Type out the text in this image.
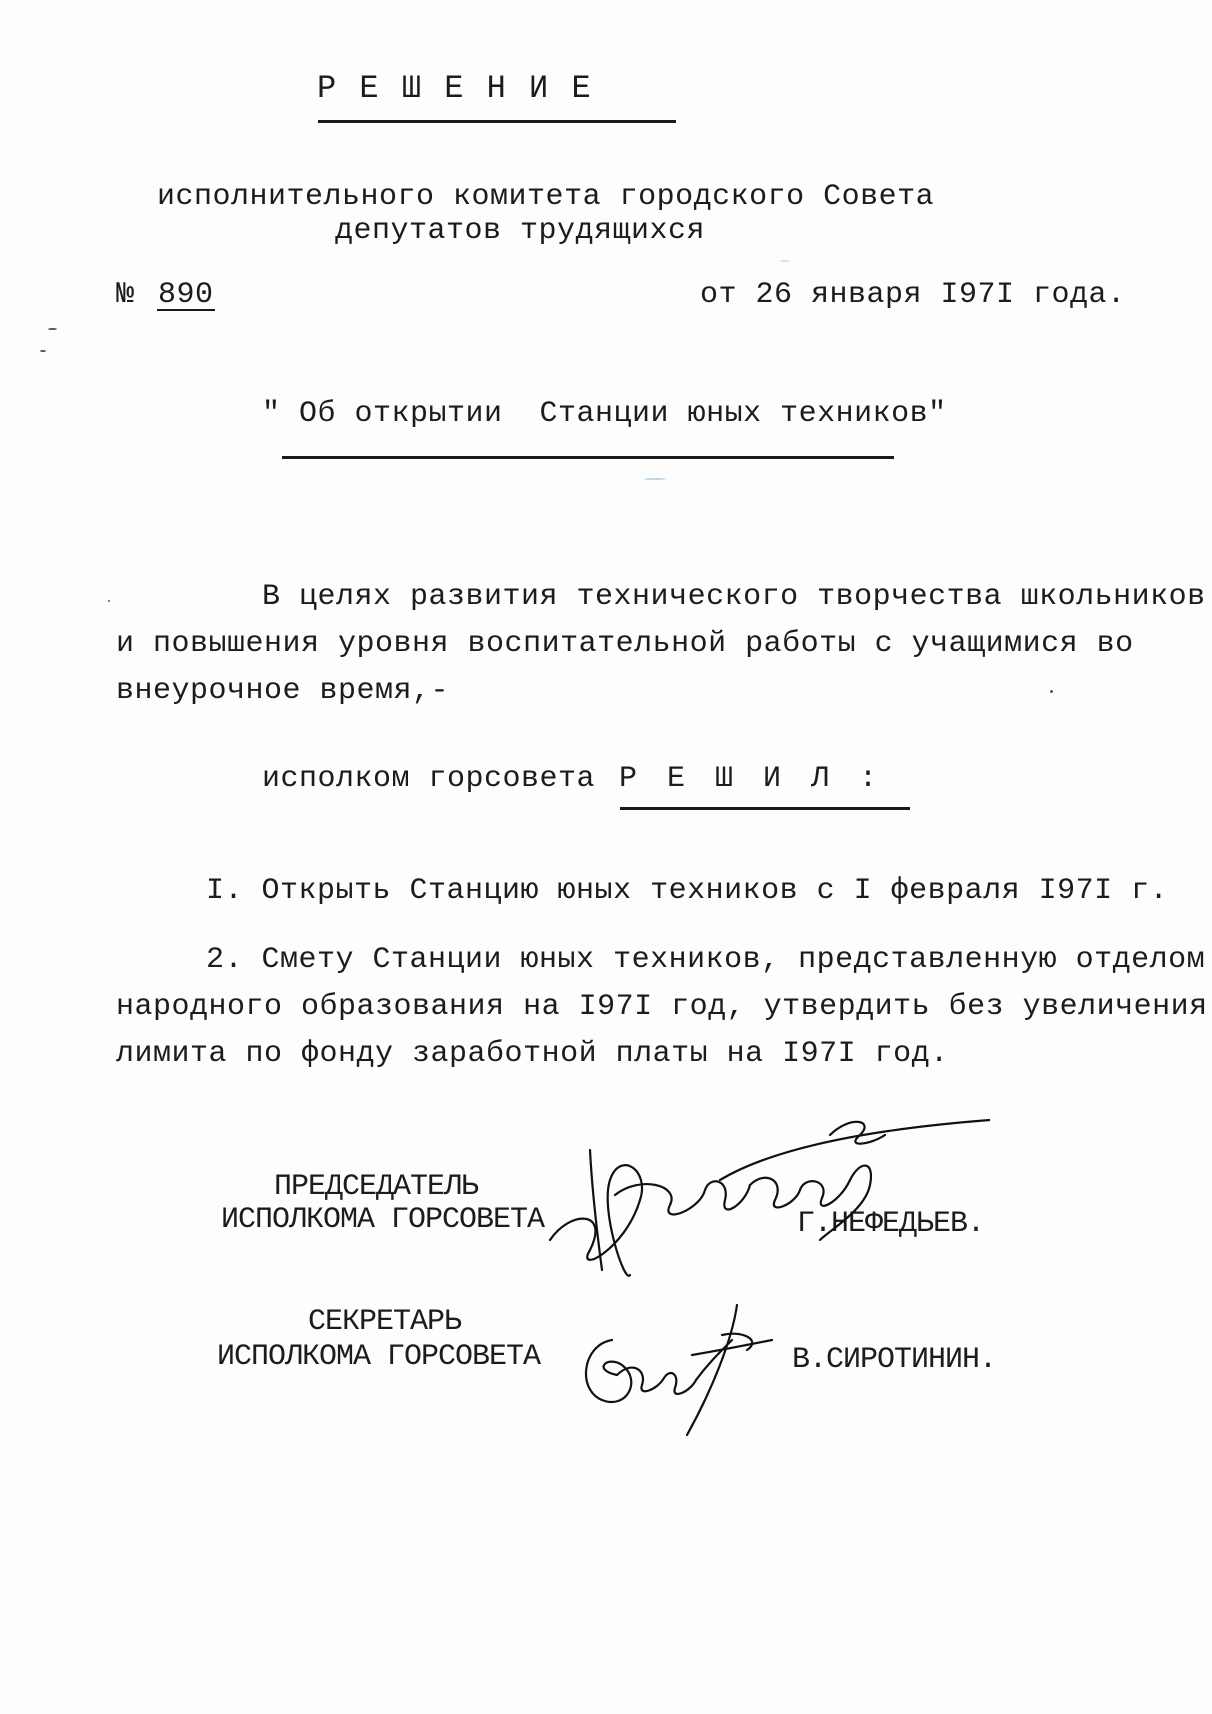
Р Е Ш Е Н И Е
исполнительного комитета городского Совета
депутатов трудящихся
№ 890	от 26 января I97I года.
" Об открытии  Станции юных техников"
В целях развития технического творчества школьников
и повышения уровня воспитательной работы с учащимися во
внеурочное время,-
исполком горсовета Р Е Ш И Л :
I. Открыть Станцию юных техников с I февраля I97I г.
2. Смету Станции юных техников, представленную отделом
народного образования на I97I год, утвердить без увеличения
лимита по фонду заработной платы на I97I год.
ПРЕДСЕДАТЕЛЬ
ИСПОЛКОМА ГОРСОВЕТА	Г.НЕФЕДЬЕВ.
СЕКРЕТАРЬ
ИСПОЛКОМА ГОРСОВЕТА	В.СИРОТИНИН.
